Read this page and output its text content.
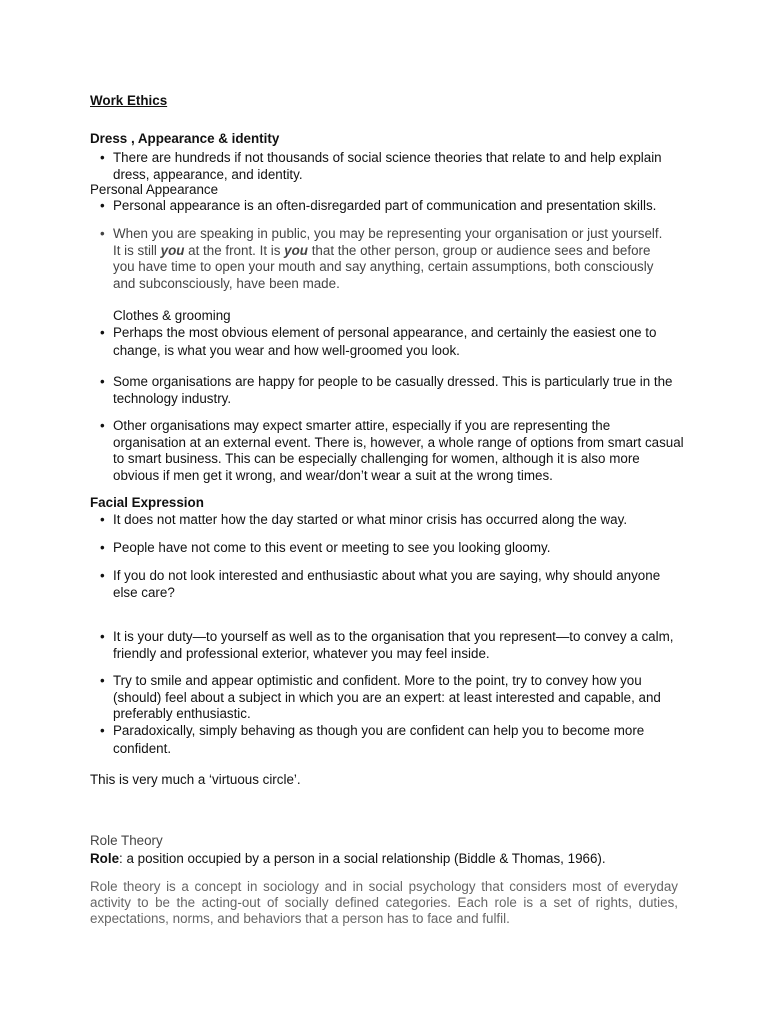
Work Ethics
Dress , Appearance & identity
• There are hundreds if not thousands of social science theories that relate to and help explain dress, appearance, and identity.
Personal Appearance
• Personal appearance is an often-disregarded part of communication and presentation skills.
• When you are speaking in public, you may be representing your organisation or just yourself. It is still you at the front. It is you that the other person, group or audience sees and before you have time to open your mouth and say anything, certain assumptions, both consciously and subconsciously, have been made.
Clothes & grooming
• Perhaps the most obvious element of personal appearance, and certainly the easiest one to change, is what you wear and how well-groomed you look.
• Some organisations are happy for people to be casually dressed. This is particularly true in the technology industry.
• Other organisations may expect smarter attire, especially if you are representing the organisation at an external event. There is, however, a whole range of options from smart casual to smart business. This can be especially challenging for women, although it is also more obvious if men get it wrong, and wear/don’t wear a suit at the wrong times.
Facial Expression
• It does not matter how the day started or what minor crisis has occurred along the way.
• People have not come to this event or meeting to see you looking gloomy.
• If you do not look interested and enthusiastic about what you are saying, why should anyone else care?
• It is your duty—to yourself as well as to the organisation that you represent—to convey a calm, friendly and professional exterior, whatever you may feel inside.
• Try to smile and appear optimistic and confident. More to the point, try to convey how you (should) feel about a subject in which you are an expert: at least interested and capable, and preferably enthusiastic.
• Paradoxically, simply behaving as though you are confident can help you to become more confident.
This is very much a ‘virtuous circle’.
Role Theory
Role: a position occupied by a person in a social relationship (Biddle & Thomas, 1966).
Role theory is a concept in sociology and in social psychology that considers most of everyday activity to be the acting-out of socially defined categories. Each role is a set of rights, duties, expectations, norms, and behaviors that a person has to face and fulfil.
